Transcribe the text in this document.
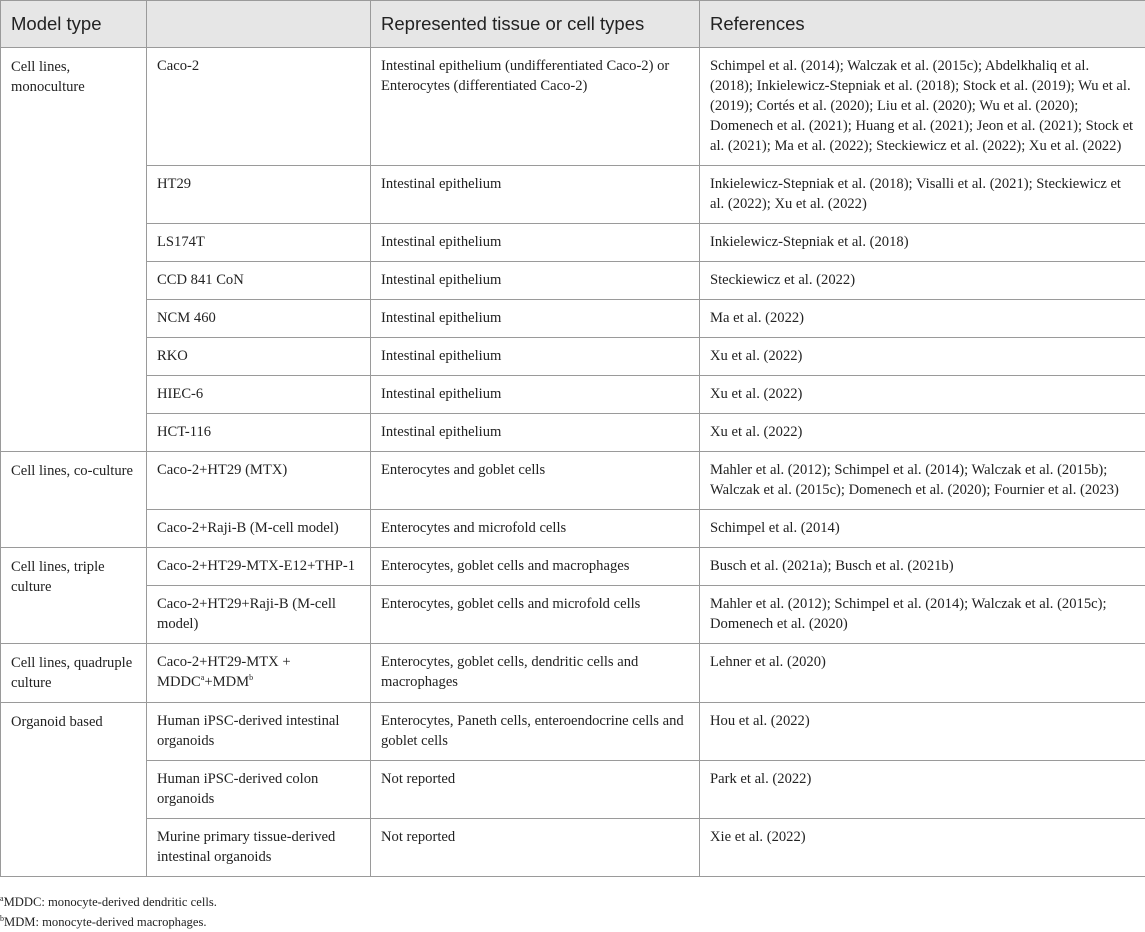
Model type		Represented tissue or cell types	References
Cell lines, monoculture	Caco-2	Intestinal epithelium (undifferentiated Caco-2) or Enterocytes (differentiated Caco-2)	Schimpel et al. (2014); Walczak et al. (2015c); Abdelkhaliq et al. (2018); Inkielewicz-Stepniak et al. (2018); Stock et al. (2019); Wu et al. (2019); Cortés et al. (2020); Liu et al. (2020); Wu et al. (2020); Domenech et al. (2021); Huang et al. (2021); Jeon et al. (2021); Stock et al. (2021); Ma et al. (2022); Steckiewicz et al. (2022); Xu et al. (2022)
	HT29	Intestinal epithelium	Inkielewicz-Stepniak et al. (2018); Visalli et al. (2021); Steckiewicz et al. (2022); Xu et al. (2022)
	LS174T	Intestinal epithelium	Inkielewicz-Stepniak et al. (2018)
	CCD 841 CoN	Intestinal epithelium	Steckiewicz et al. (2022)
	NCM 460	Intestinal epithelium	Ma et al. (2022)
	RKO	Intestinal epithelium	Xu et al. (2022)
	HIEC-6	Intestinal epithelium	Xu et al. (2022)
	HCT-116	Intestinal epithelium	Xu et al. (2022)
Cell lines, co-culture	Caco-2+HT29 (MTX)	Enterocytes and goblet cells	Mahler et al. (2012); Schimpel et al. (2014); Walczak et al. (2015b); Walczak et al. (2015c); Domenech et al. (2020); Fournier et al. (2023)
	Caco-2+Raji-B (M-cell model)	Enterocytes and microfold cells	Schimpel et al. (2014)
Cell lines, triple culture	Caco-2+HT29-MTX-E12+THP-1	Enterocytes, goblet cells and macrophages	Busch et al. (2021a); Busch et al. (2021b)
	Caco-2+HT29+Raji-B (M-cell model)	Enterocytes, goblet cells and microfold cells	Mahler et al. (2012); Schimpel et al. (2014); Walczak et al. (2015c); Domenech et al. (2020)
Cell lines, quadruple culture	Caco-2+HT29-MTX + $MDDC^a+MDM^b$	Enterocytes, goblet cells, dendritic cells and macrophages	Lehner et al. (2020)
Organoid based	Human iPSC-derived intestinal organoids	Enterocytes, Paneth cells, enteroendocrine cells and goblet cells	Hou et al. (2022)
	Human iPSC-derived colon organoids	Not reported	Park et al. (2022)
	Murine primary tissue-derived intestinal organoids	Not reported	Xie et al. (2022)

$^a$MDDC: monocyte-derived dendritic cells.

$^b$MDM: monocyte-derived macrophages.
